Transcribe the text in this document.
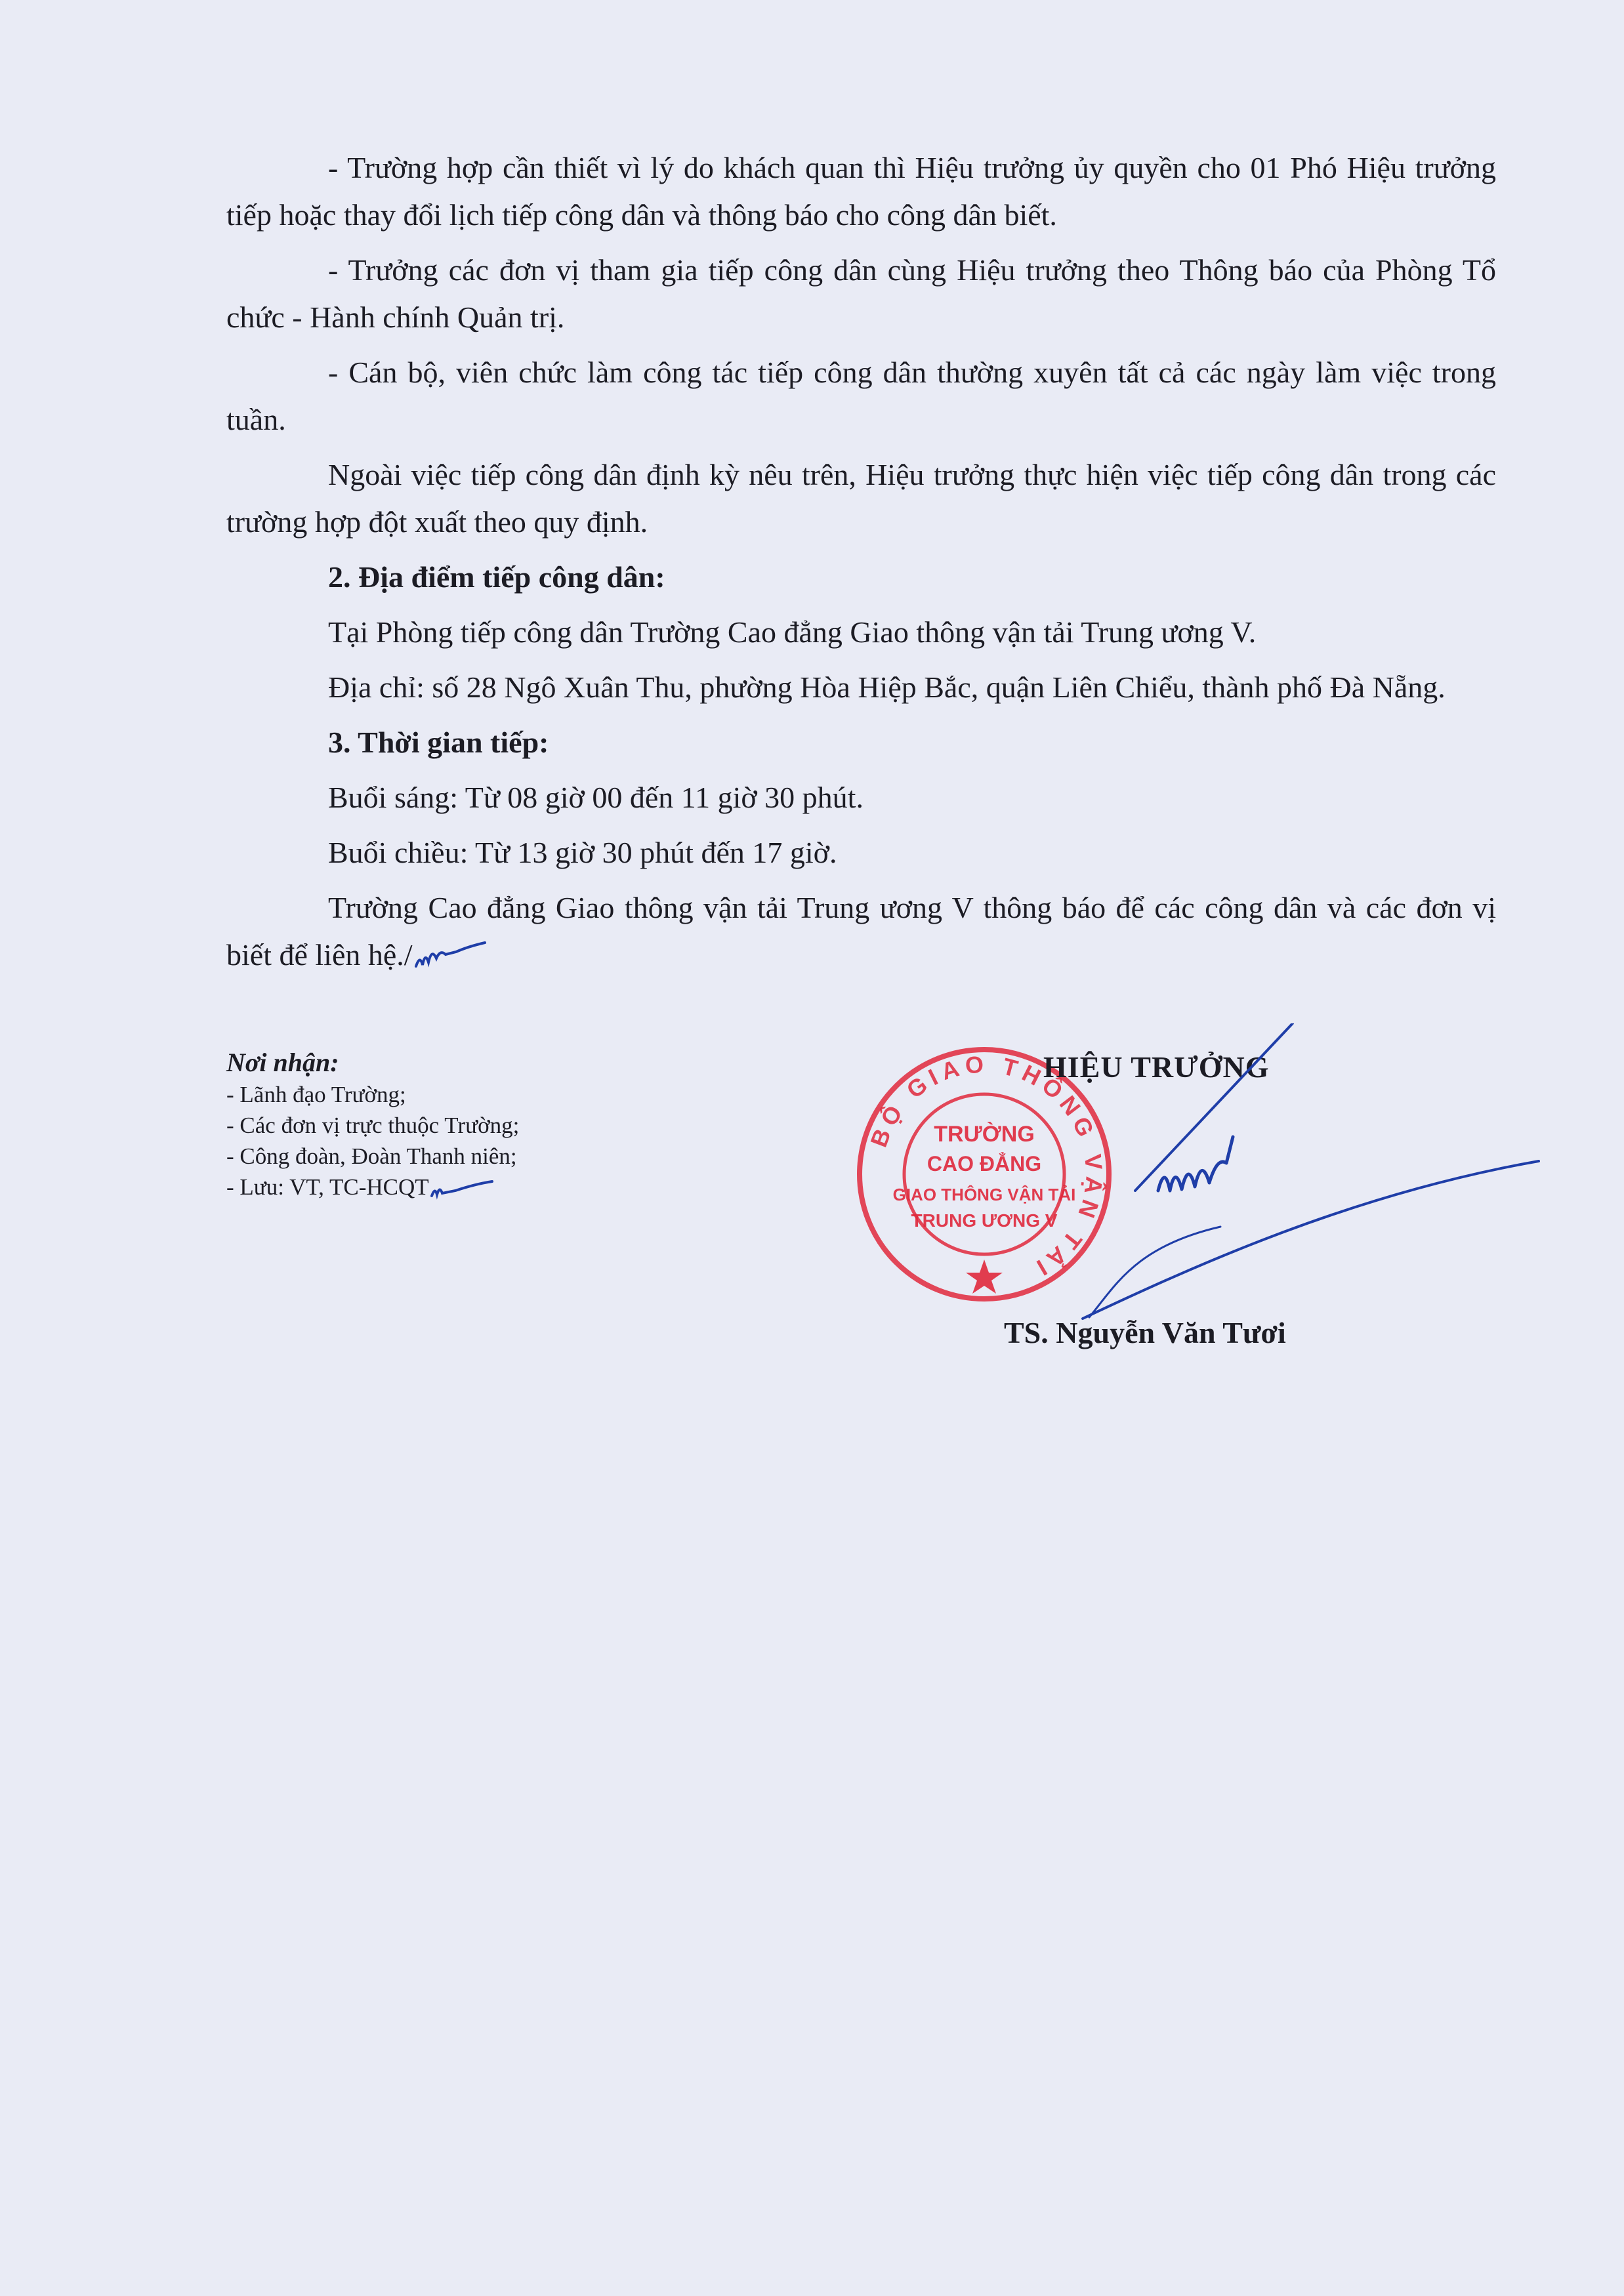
- Trường hợp cần thiết vì lý do khách quan thì Hiệu trưởng ủy quyền cho 01 Phó Hiệu trưởng tiếp hoặc thay đổi lịch tiếp công dân và thông báo cho công dân biết.

- Trưởng các đơn vị tham gia tiếp công dân cùng Hiệu trưởng theo Thông báo của Phòng Tổ chức - Hành chính Quản trị.

- Cán bộ, viên chức làm công tác tiếp công dân thường xuyên tất cả các ngày làm việc trong tuần.

Ngoài việc tiếp công dân định kỳ nêu trên, Hiệu trưởng thực hiện việc tiếp công dân trong các trường hợp đột xuất theo quy định.

2. Địa điểm tiếp công dân:

Tại Phòng tiếp công dân Trường Cao đẳng Giao thông vận tải Trung ương V.

Địa chỉ: số 28 Ngô Xuân Thu, phường Hòa Hiệp Bắc, quận Liên Chiểu, thành phố Đà Nẵng.

3. Thời gian tiếp:

Buổi sáng: Từ 08 giờ 00 đến 11 giờ 30 phút.

Buổi chiều: Từ 13 giờ 30 phút đến 17 giờ.

Trường Cao đẳng Giao thông vận tải Trung ương V thông báo để các công dân và các đơn vị biết để liên hệ./

Nơi nhận:

- Lãnh đạo Trường;

- Các đơn vị trực thuộc Trường;

- Công đoàn, Đoàn Thanh niên;

- Lưu: VT, TC-HCQT

BỘ GIAO THÔNG VẬN TẢI
TRƯỜNG
CAO ĐẲNG
GIAO THÔNG VẬN TẢI
TRUNG ƯƠNG V
HIỆU TRƯỞNG
TS. Nguyễn Văn Tươi
